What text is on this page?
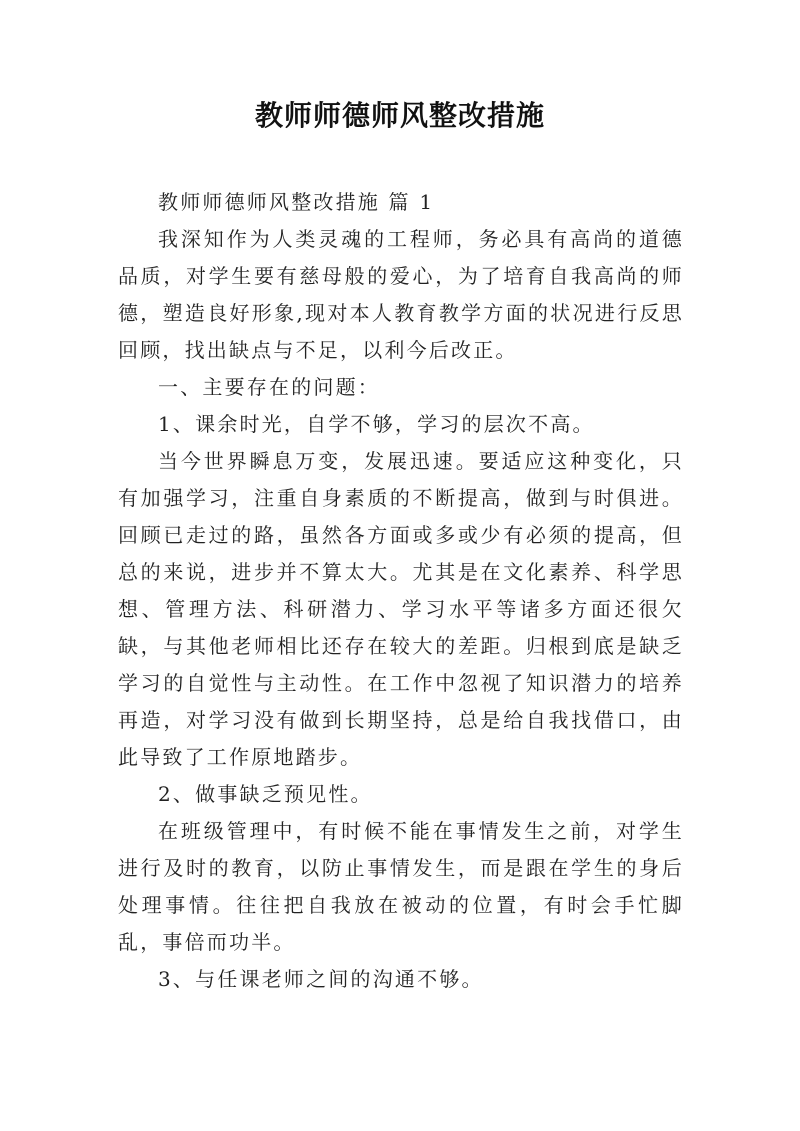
教师师德师风整改措施

教师师德师风整改措施 篇 1

我深知作为人类灵魂的工程师，务必具有高尚的道德品质，对学生要有慈母般的爱心，为了培育自我高尚的师德，塑造良好形象,现对本人教育教学方面的状况进行反思回顾，找出缺点与不足，以利今后改正。

一、主要存在的问题：

1、课余时光，自学不够，学习的层次不高。

当今世界瞬息万变，发展迅速。要适应这种变化，只有加强学习，注重自身素质的不断提高，做到与时俱进。回顾已走过的路，虽然各方面或多或少有必须的提高，但总的来说，进步并不算太大。尤其是在文化素养、科学思想、管理方法、科研潜力、学习水平等诸多方面还很欠缺，与其他老师相比还存在较大的差距。归根到底是缺乏学习的自觉性与主动性。在工作中忽视了知识潜力的培养再造，对学习没有做到长期坚持，总是给自我找借口，由此导致了工作原地踏步。

2、做事缺乏预见性。

在班级管理中，有时候不能在事情发生之前，对学生进行及时的教育，以防止事情发生，而是跟在学生的身后处理事情。往往把自我放在被动的位置，有时会手忙脚乱，事倍而功半。

3、与任课老师之间的沟通不够。
